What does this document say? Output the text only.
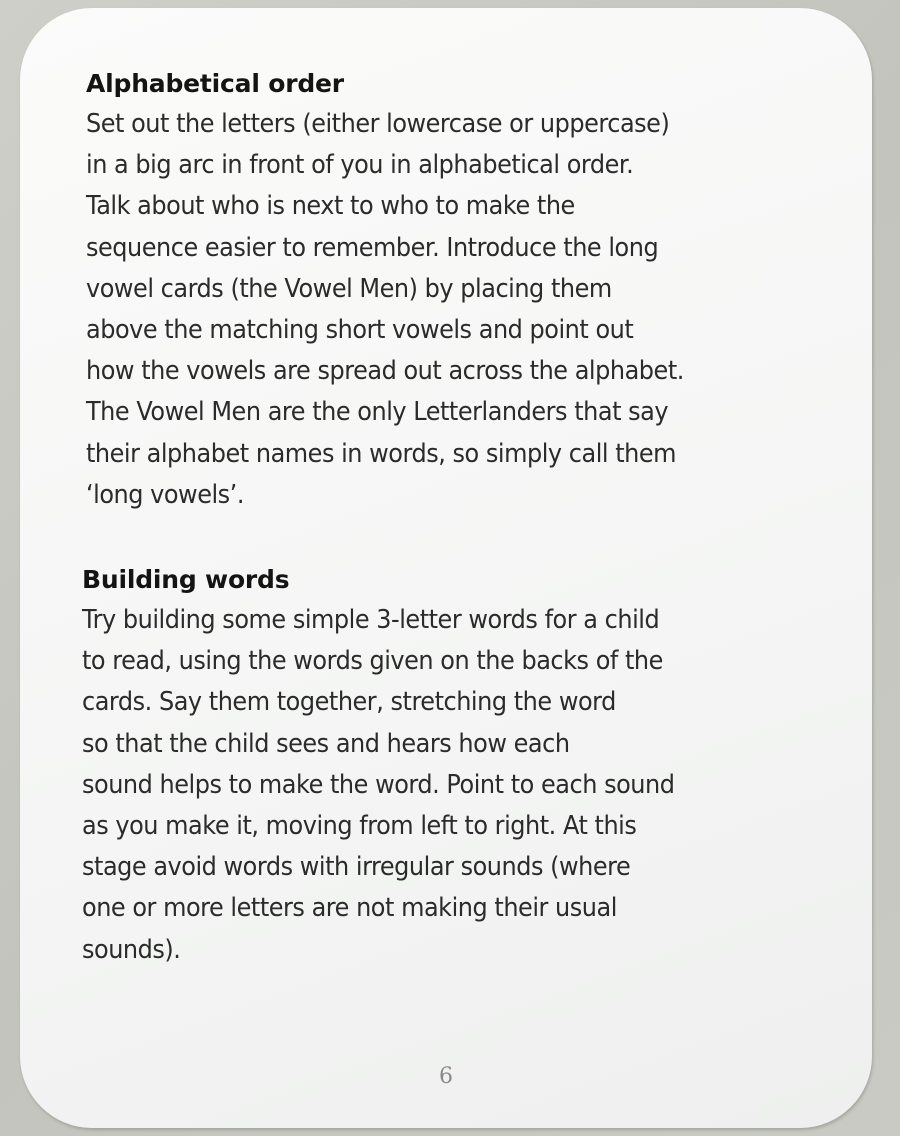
Alphabetical order
Set out the letters (either lowercase or uppercase)
in a big arc in front of you in alphabetical order.
Talk about who is next to who to make the
sequence easier to remember. Introduce the long
vowel cards (the Vowel Men) by placing them
above the matching short vowels and point out
how the vowels are spread out across the alphabet.
The Vowel Men are the only Letterlanders that say
their alphabet names in words, so simply call them
‘long vowels’.
Building words
Try building some simple 3-letter words for a child
to read, using the words given on the backs of the
cards. Say them together, stretching the word
so that the child sees and hears how each
sound helps to make the word. Point to each sound
as you make it, moving from left to right. At this
stage avoid words with irregular sounds (where
one or more letters are not making their usual
sounds).
6
